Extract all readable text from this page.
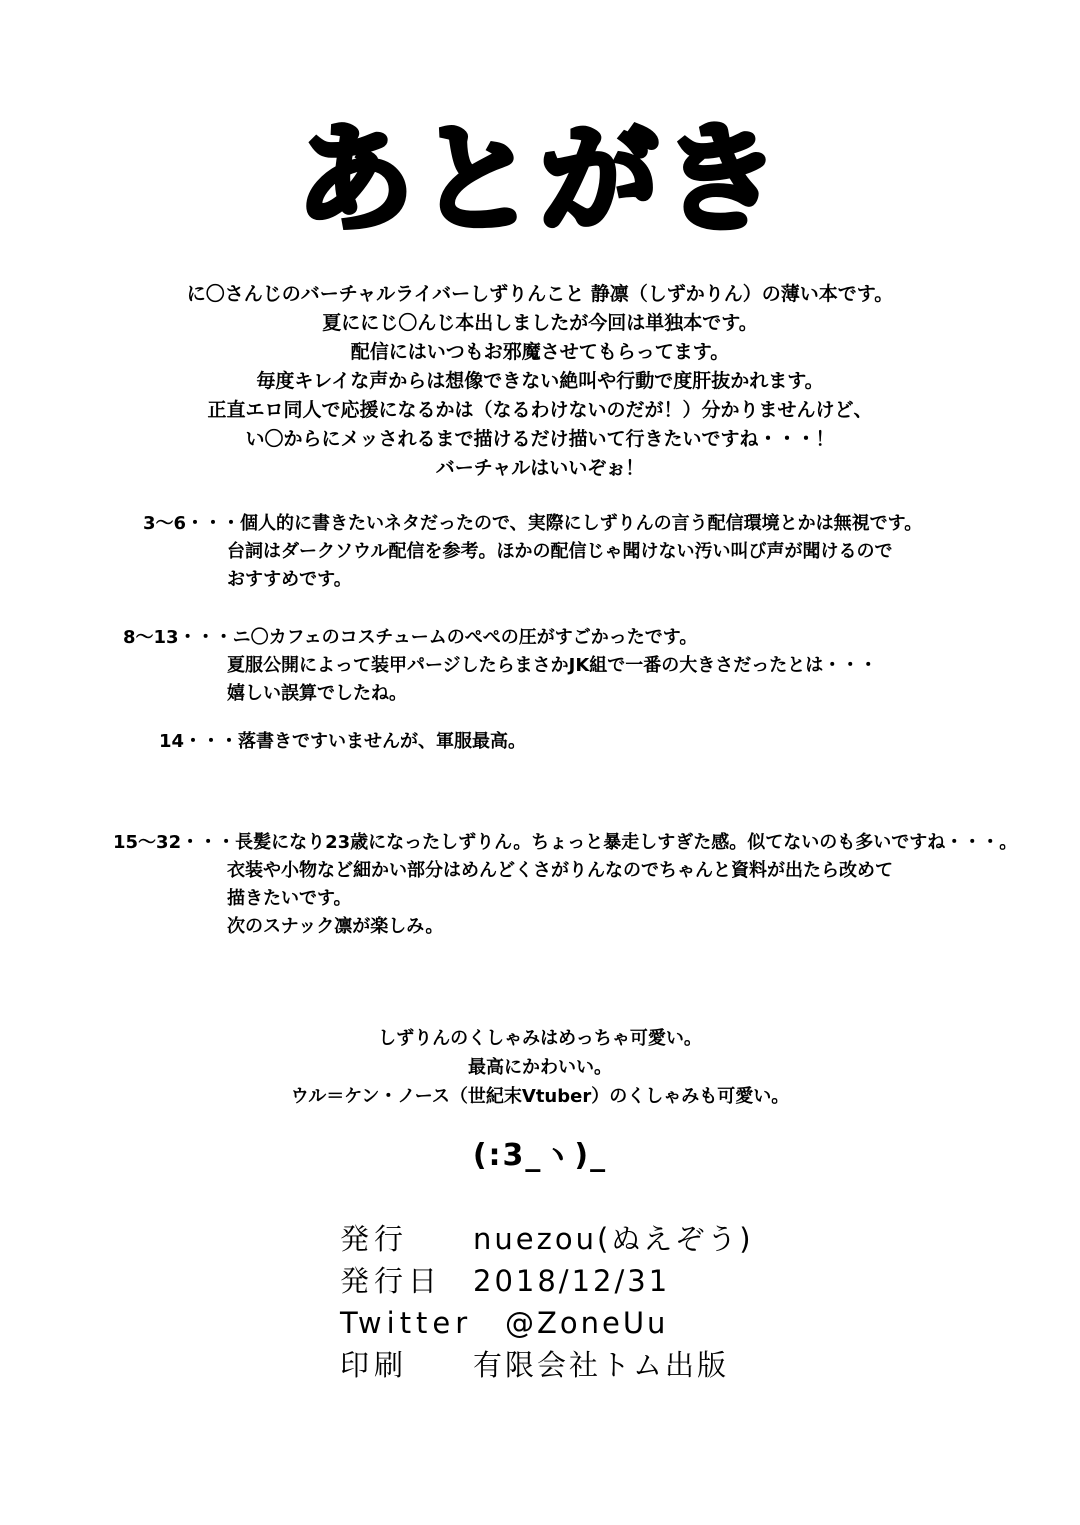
あとがき
に〇さんじのバーチャルライバーしずりんこと 静凛（しずかりん）の薄い本です。
夏ににじ〇んじ本出しましたが今回は単独本です。
配信にはいつもお邪魔させてもらってます。
毎度キレイな声からは想像できない絶叫や行動で度肝抜かれます。
正直エロ同人で応援になるかは（なるわけないのだが！）分かりませんけど、
い〇からにメッされるまで描けるだけ描いて行きたいですね・・・！
バーチャルはいいぞぉ！
3～6・・・個人的に書きたいネタだったので、実際にしずりんの言う配信環境とかは無視です。
台詞はダークソウル配信を参考。ほかの配信じゃ聞けない汚い叫び声が聞けるので
おすすめです。
8～13・・・ニ〇カフェのコスチュームのぺぺの圧がすごかったです。
夏服公開によって装甲パージしたらまさかJK組で一番の大きさだったとは・・・
嬉しい誤算でしたね。
14・・・落書きですいませんが、軍服最高。
15～32・・・長髪になり23歳になったしずりん。ちょっと暴走しすぎた感。似てないのも多いですね・・・。
衣装や小物など細かい部分はめんどくさがりんなのでちゃんと資料が出たら改めて
描きたいです。
次のスナック凛が楽しみ。
しずりんのくしゃみはめっちゃ可愛い。
最高にかわいい。
ウル＝ケン・ノース（世紀末Vtuber）のくしゃみも可愛い。
(:3_ヽ)_
発行 nuezou(ぬえぞう)
発行日 2018/12/31
Twitter @ZoneUu
印刷 有限会社トム出版
